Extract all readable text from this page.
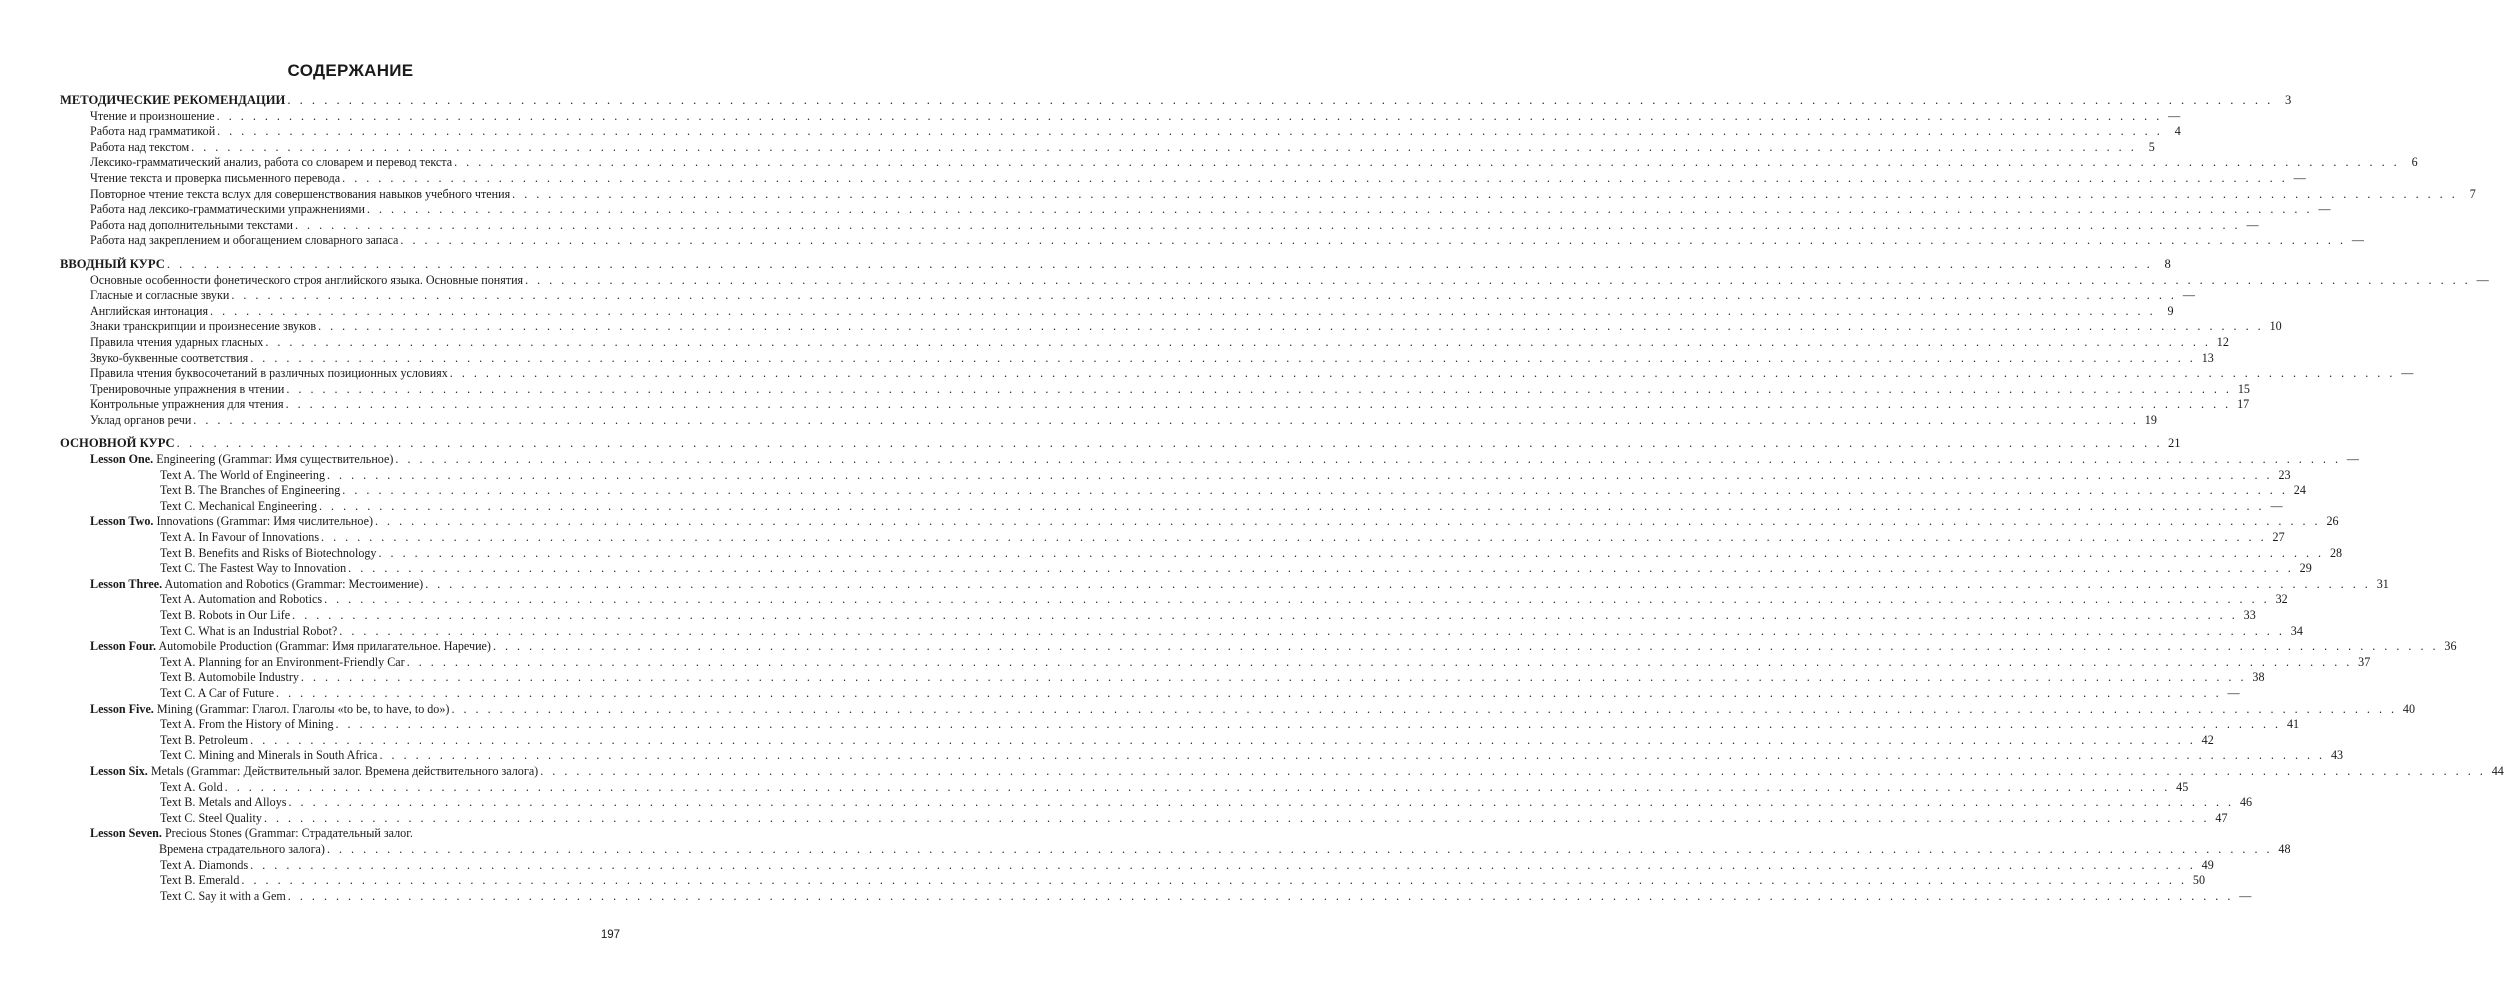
СОДЕРЖАНИЕ
МЕТОДИЧЕСКИЕ РЕКОМЕНДАЦИИ . . .	3
Чтение и произношение . . .	—
Работа над грамматикой . . .	4
Работа над текстом . . .	5
Лексико-грамматический анализ, работа со словарем и перевод текста . . .	6
Чтение текста и проверка письменного перевода . . .	—
Повторное чтение текста вслух для совершенствования навыков учебного чтения . . .	7
Работа над лексико-грамматическими упражнениями . . .	—
Работа над дополнительными текстами . . .	—
Работа над закреплением и обогащением словарного запаса . . .	—
ВВОДНЫЙ КУРС . . .	8
Основные особенности фонетического строя английского языка. Основные понятия . . .	—
Гласные и согласные звуки . . .	—
Английская интонация . . .	9
Знаки транскрипции и произнесение звуков . . .	10
Правила чтения ударных гласных . . .	12
Звуко-буквенные соответствия . . .	13
Правила чтения буквосочетаний в различных позиционных условиях . . .	—
Тренировочные упражнения в чтении . . .	15
Контрольные упражнения для чтения . . .	17
Уклад органов речи . . .	19
ОСНОВНОЙ КУРС . . .	21
Lesson One. Engineering (Grammar: Имя существительное) . . .	—
Text A. The World of Engineering . . .	23
Text B. The Branches of Engineering . . .	24
Text C. Mechanical Engineering . . .	—
Lesson Two. Innovations (Grammar: Имя числительное) . . .	26
Text A. In Favour of Innovations . . .	27
Text B. Benefits and Risks of Biotechnology . . .	28
Text C. The Fastest Way to Innovation . . .	29
Lesson Three. Automation and Robotics (Grammar: Местоимение) . . .	31
Text A. Automation and Robotics . . .	32
Text B. Robots in Our Life . . .	33
Text C. What is an Industrial Robot? . . .	34
Lesson Four. Automobile Production (Grammar: Имя прилагательное. Наречие) . . .	36
Text A. Planning for an Environment-Friendly Car . . .	37
Text B. Automobile Industry . . .	38
Text C. A Car of Future . . .	—
Lesson Five. Mining (Grammar: Глагол. Глаголы «to be, to have, to do») . . .	40
Text A. From the History of Mining . . .	41
Text B. Petroleum . . .	42
Text C. Mining and Minerals in South Africa . . .	43
Lesson Six. Metals (Grammar: Действительный залог. Времена действительного залога) . . .	44
Text A. Gold . . .	45
Text B. Metals and Alloys . . .	46
Text C. Steel Quality . . .	47
Lesson Seven. Precious Stones (Grammar: Страдательный залог.
Времена страдательного залога) . . .	48
Text A. Diamonds . . .	49
Text B. Emerald . . .	50
Text C. Say it with a Gem . . .	—
197
